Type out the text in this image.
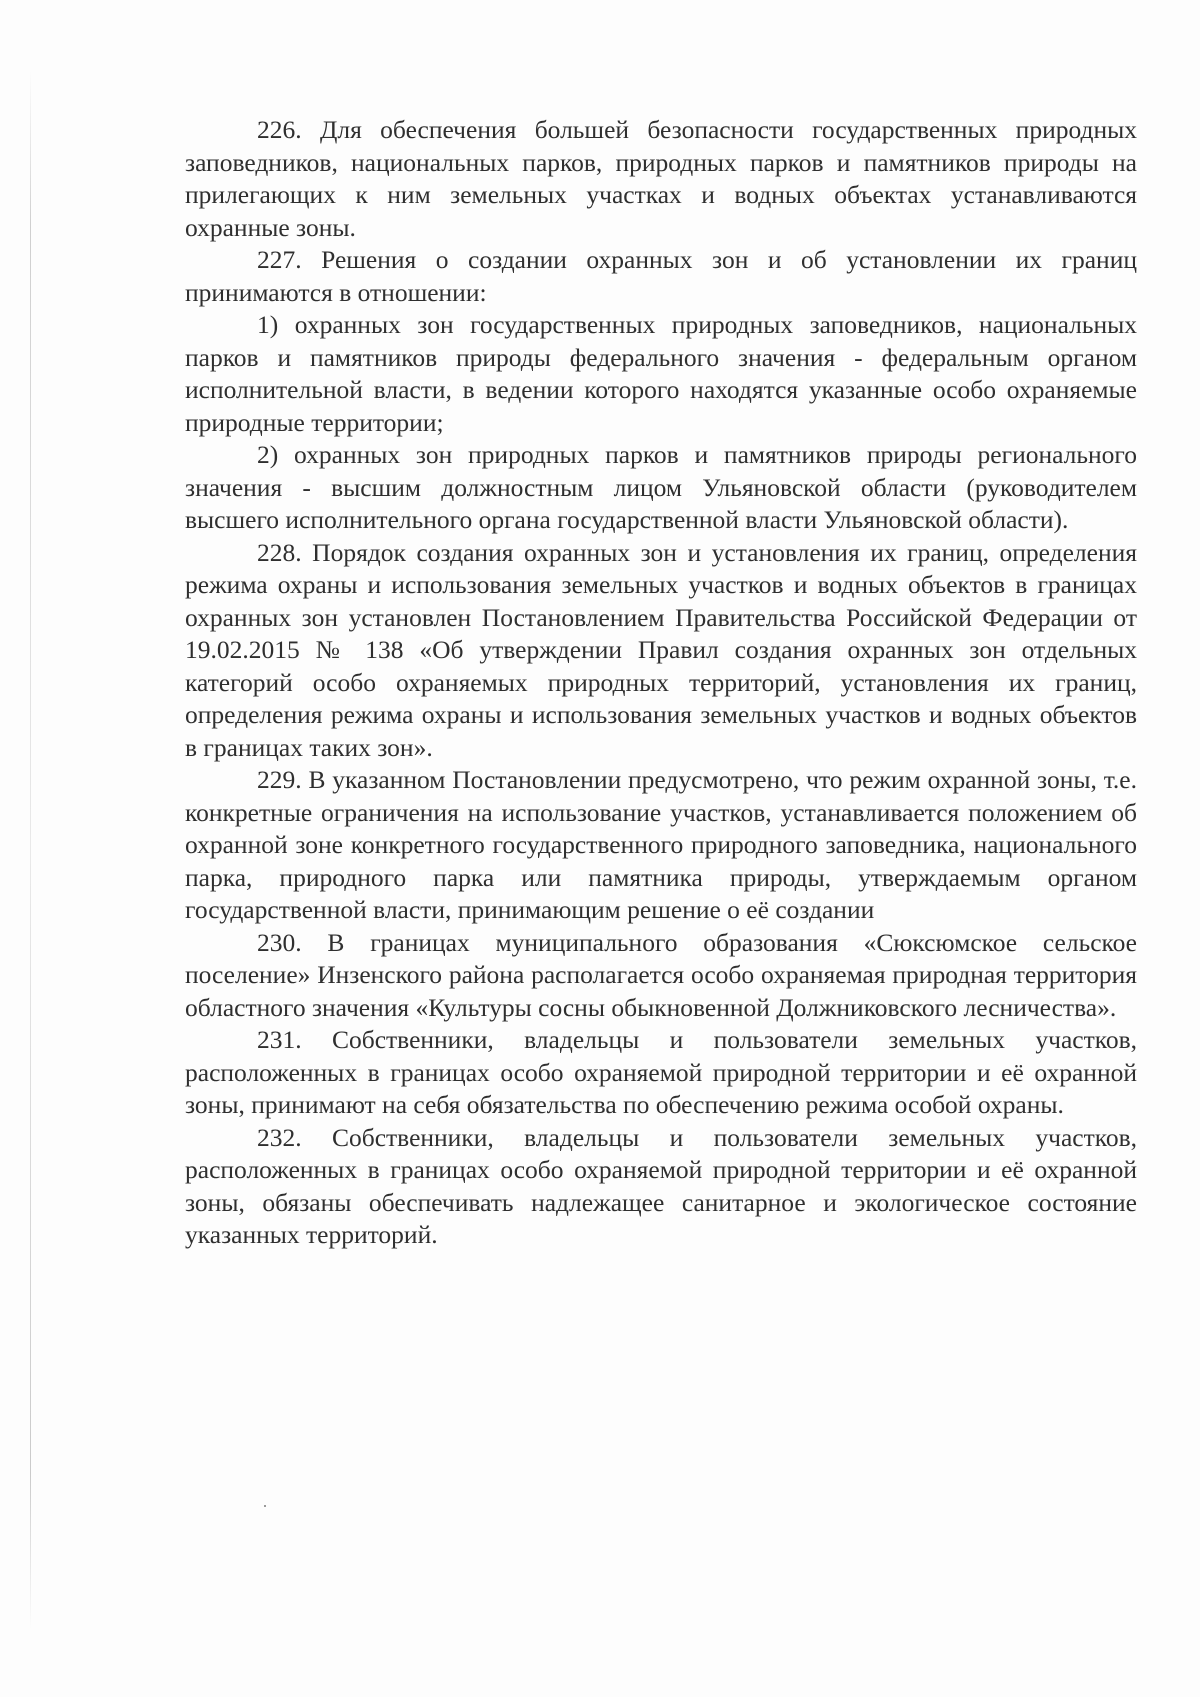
226. Для обеспечения большей безопасности государственных природных заповедников, национальных парков, природных парков и памятников природы на прилегающих к ним земельных участках и водных объектах устанавливаются охранные зоны.

227. Решения о создании охранных зон и об установлении их границ принимаются в отношении:

1) охранных зон государственных природных заповедников, национальных парков и памятников природы федерального значения - федеральным органом исполнительной власти, в ведении которого находятся указанные особо охраняемые природные территории;

2) охранных зон природных парков и памятников природы регионального значения - высшим должностным лицом Ульяновской области (руководителем высшего исполнительного органа государственной власти Ульяновской области).

228. Порядок создания охранных зон и установления их границ, определения режима охраны и использования земельных участков и водных объектов в границах охранных зон установлен Постановлением Правительства Российской Федерации от 19.02.2015 № 138 «Об утверждении Правил создания охранных зон отдельных категорий особо охраняемых природных территорий, установления их границ, определения режима охраны и использования земельных участков и водных объектов в границах таких зон».

229. В указанном Постановлении предусмотрено, что режим охранной зоны, т.е. конкретные ограничения на использование участков, устанавливается положением об охранной зоне конкретного государственного природного заповедника, национального парка, природного парка или памятника природы, утверждаемым органом государственной власти, принимающим решение о её создании

230. В границах муниципального образования «Сюксюмское сельское поселение» Инзенского района располагается особо охраняемая природная территория областного значения «Культуры сосны обыкновенной Должниковского лесничества».

231. Собственники, владельцы и пользователи земельных участков, расположенных в границах особо охраняемой природной территории и её охранной зоны, принимают на себя обязательства по обеспечению режима особой охраны.

232. Собственники, владельцы и пользователи земельных участков, расположенных в границах особо охраняемой природной территории и её охранной зоны, обязаны обеспечивать надлежащее санитарное и экологическое состояние указанных территорий.
